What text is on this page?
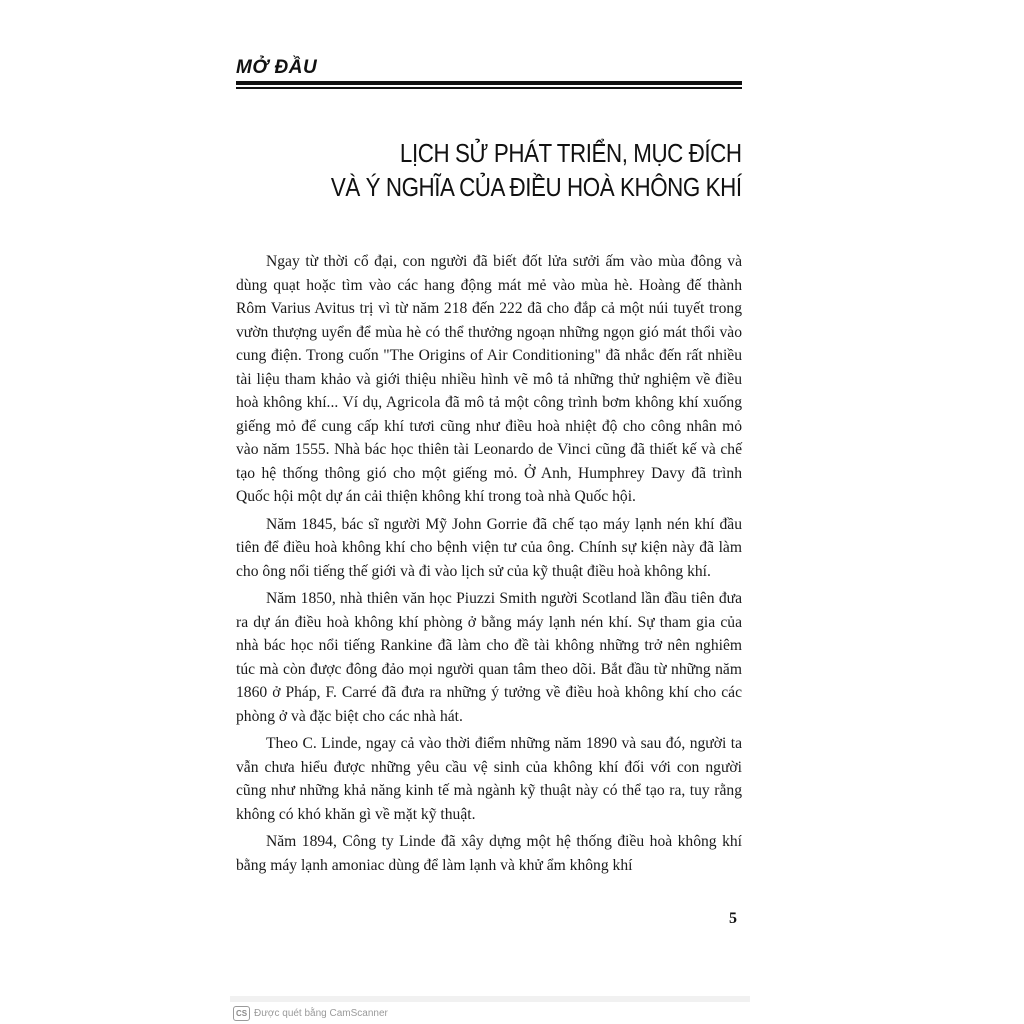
MỞ ĐẦU
LỊCH SỬ PHÁT TRIỂN, MỤC ĐÍCH
VÀ Ý NGHĨA CỦA ĐIỀU HOÀ KHÔNG KHÍ

Ngay từ thời cổ đại, con người đã biết đốt lửa sưởi ấm vào mùa đông và dùng quạt hoặc tìm vào các hang động mát mẻ vào mùa hè. Hoàng đế thành Rôm Varius Avitus trị vì từ năm 218 đến 222 đã cho đắp cả một núi tuyết trong vườn thượng uyển để mùa hè có thể thưởng ngoạn những ngọn gió mát thổi vào cung điện. Trong cuốn "The Origins of Air Conditioning" đã nhắc đến rất nhiều tài liệu tham khảo và giới thiệu nhiều hình vẽ mô tả những thử nghiệm về điều hoà không khí... Ví dụ, Agricola đã mô tả một công trình bơm không khí xuống giếng mỏ để cung cấp khí tươi cũng như điều hoà nhiệt độ cho công nhân mỏ vào năm 1555. Nhà bác học thiên tài Leonardo de Vinci cũng đã thiết kế và chế tạo hệ thống thông gió cho một giếng mỏ. Ở Anh, Humphrey Davy đã trình Quốc hội một dự án cải thiện không khí trong toà nhà Quốc hội.

Năm 1845, bác sĩ người Mỹ John Gorrie đã chế tạo máy lạnh nén khí đầu tiên để điều hoà không khí cho bệnh viện tư của ông. Chính sự kiện này đã làm cho ông nổi tiếng thế giới và đi vào lịch sử của kỹ thuật điều hoà không khí.

Năm 1850, nhà thiên văn học Piuzzi Smith người Scotland lần đầu tiên đưa ra dự án điều hoà không khí phòng ở bằng máy lạnh nén khí. Sự tham gia của nhà bác học nổi tiếng Rankine đã làm cho đề tài không những trở nên nghiêm túc mà còn được đông đảo mọi người quan tâm theo dõi. Bắt đầu từ những năm 1860 ở Pháp, F. Carré đã đưa ra những ý tưởng về điều hoà không khí cho các phòng ở và đặc biệt cho các nhà hát.

Theo C. Linde, ngay cả vào thời điểm những năm 1890 và sau đó, người ta vẫn chưa hiểu được những yêu cầu vệ sinh của không khí đối với con người cũng như những khả năng kinh tế mà ngành kỹ thuật này có thể tạo ra, tuy rằng không có khó khăn gì về mặt kỹ thuật.

Năm 1894, Công ty Linde đã xây dựng một hệ thống điều hoà không khí bằng máy lạnh amoniac dùng để làm lạnh và khử ẩm không khí

5
CS Được quét bằng CamScanner
